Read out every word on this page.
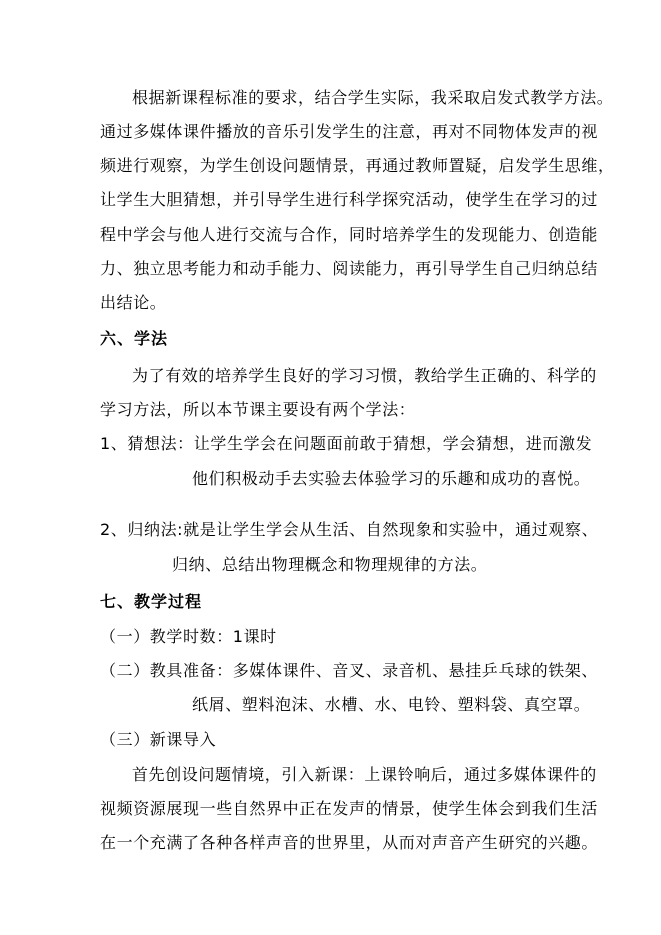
根据新课程标准的要求，结合学生实际，我采取启发式教学方法。
通过多媒体课件播放的音乐引发学生的注意，再对不同物体发声的视
频进行观察，为学生创设问题情景，再通过教师置疑，启发学生思维，
让学生大胆猜想，并引导学生进行科学探究活动，使学生在学习的过
程中学会与他人进行交流与合作，同时培养学生的发现能力、创造能
力、独立思考能力和动手能力、阅读能力，再引导学生自己归纳总结
出结论。
六、学法
为了有效的培养学生良好的学习习惯，教给学生正确的、科学的
学习方法，所以本节课主要设有两个学法：
1、猜想法：让学生学会在问题面前敢于猜想，学会猜想，进而激发
他们积极动手去实验去体验学习的乐趣和成功的喜悦。
2、归纳法:就是让学生学会从生活、自然现象和实验中，通过观察、
归纳、总结出物理概念和物理规律的方法。
七、教学过程
（一）教学时数：1课时
（二）教具准备：多媒体课件、音叉、录音机、悬挂乒乓球的铁架、
纸屑、塑料泡沫、水槽、水、电铃、塑料袋、真空罩。
（三）新课导入
首先创设问题情境，引入新课：上课铃响后，通过多媒体课件的
视频资源展现一些自然界中正在发声的情景，使学生体会到我们生活
在一个充满了各种各样声音的世界里，从而对声音产生研究的兴趣。
